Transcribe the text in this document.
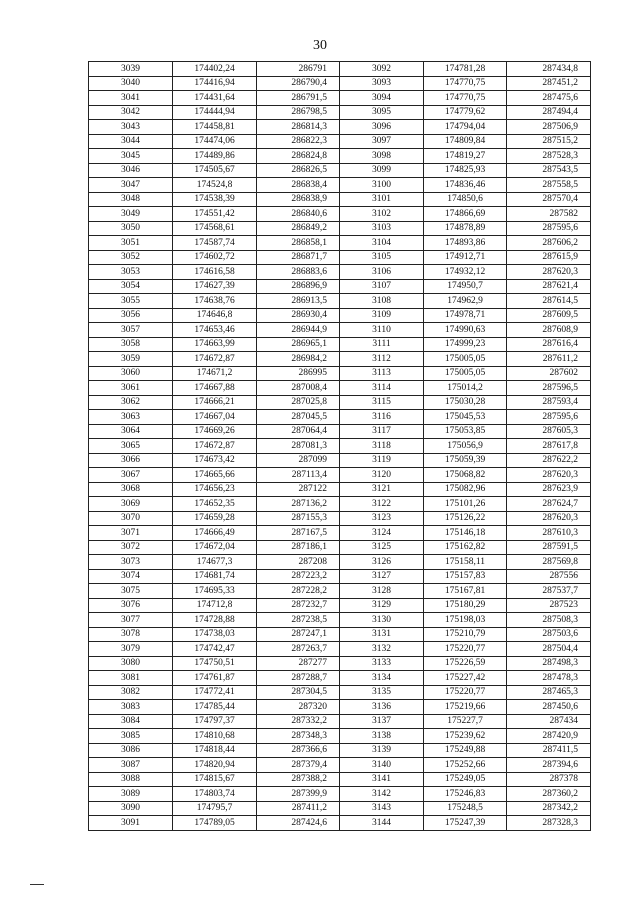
30
3039	174402,24	286791	3092	174781,28	287434,8
3040	174416,94	286790,4	3093	174770,75	287451,2
3041	174431,64	286791,5	3094	174770,75	287475,6
3042	174444,94	286798,5	3095	174779,62	287494,4
3043	174458,81	286814,3	3096	174794,04	287506,9
3044	174474,06	286822,3	3097	174809,84	287515,2
3045	174489,86	286824,8	3098	174819,27	287528,3
3046	174505,67	286826,5	3099	174825,93	287543,5
3047	174524,8	286838,4	3100	174836,46	287558,5
3048	174538,39	286838,9	3101	174850,6	287570,4
3049	174551,42	286840,6	3102	174866,69	287582
3050	174568,61	286849,2	3103	174878,89	287595,6
3051	174587,74	286858,1	3104	174893,86	287606,2
3052	174602,72	286871,7	3105	174912,71	287615,9
3053	174616,58	286883,6	3106	174932,12	287620,3
3054	174627,39	286896,9	3107	174950,7	287621,4
3055	174638,76	286913,5	3108	174962,9	287614,5
3056	174646,8	286930,4	3109	174978,71	287609,5
3057	174653,46	286944,9	3110	174990,63	287608,9
3058	174663,99	286965,1	3111	174999,23	287616,4
3059	174672,87	286984,2	3112	175005,05	287611,2
3060	174671,2	286995	3113	175005,05	287602
3061	174667,88	287008,4	3114	175014,2	287596,5
3062	174666,21	287025,8	3115	175030,28	287593,4
3063	174667,04	287045,5	3116	175045,53	287595,6
3064	174669,26	287064,4	3117	175053,85	287605,3
3065	174672,87	287081,3	3118	175056,9	287617,8
3066	174673,42	287099	3119	175059,39	287622,2
3067	174665,66	287113,4	3120	175068,82	287620,3
3068	174656,23	287122	3121	175082,96	287623,9
3069	174652,35	287136,2	3122	175101,26	287624,7
3070	174659,28	287155,3	3123	175126,22	287620,3
3071	174666,49	287167,5	3124	175146,18	287610,3
3072	174672,04	287186,1	3125	175162,82	287591,5
3073	174677,3	287208	3126	175158,11	287569,8
3074	174681,74	287223,2	3127	175157,83	287556
3075	174695,33	287228,2	3128	175167,81	287537,7
3076	174712,8	287232,7	3129	175180,29	287523
3077	174728,88	287238,5	3130	175198,03	287508,3
3078	174738,03	287247,1	3131	175210,79	287503,6
3079	174742,47	287263,7	3132	175220,77	287504,4
3080	174750,51	287277	3133	175226,59	287498,3
3081	174761,87	287288,7	3134	175227,42	287478,3
3082	174772,41	287304,5	3135	175220,77	287465,3
3083	174785,44	287320	3136	175219,66	287450,6
3084	174797,37	287332,2	3137	175227,7	287434
3085	174810,68	287348,3	3138	175239,62	287420,9
3086	174818,44	287366,6	3139	175249,88	287411,5
3087	174820,94	287379,4	3140	175252,66	287394,6
3088	174815,67	287388,2	3141	175249,05	287378
3089	174803,74	287399,9	3142	175246,83	287360,2
3090	174795,7	287411,2	3143	175248,5	287342,2
3091	174789,05	287424,6	3144	175247,39	287328,3
